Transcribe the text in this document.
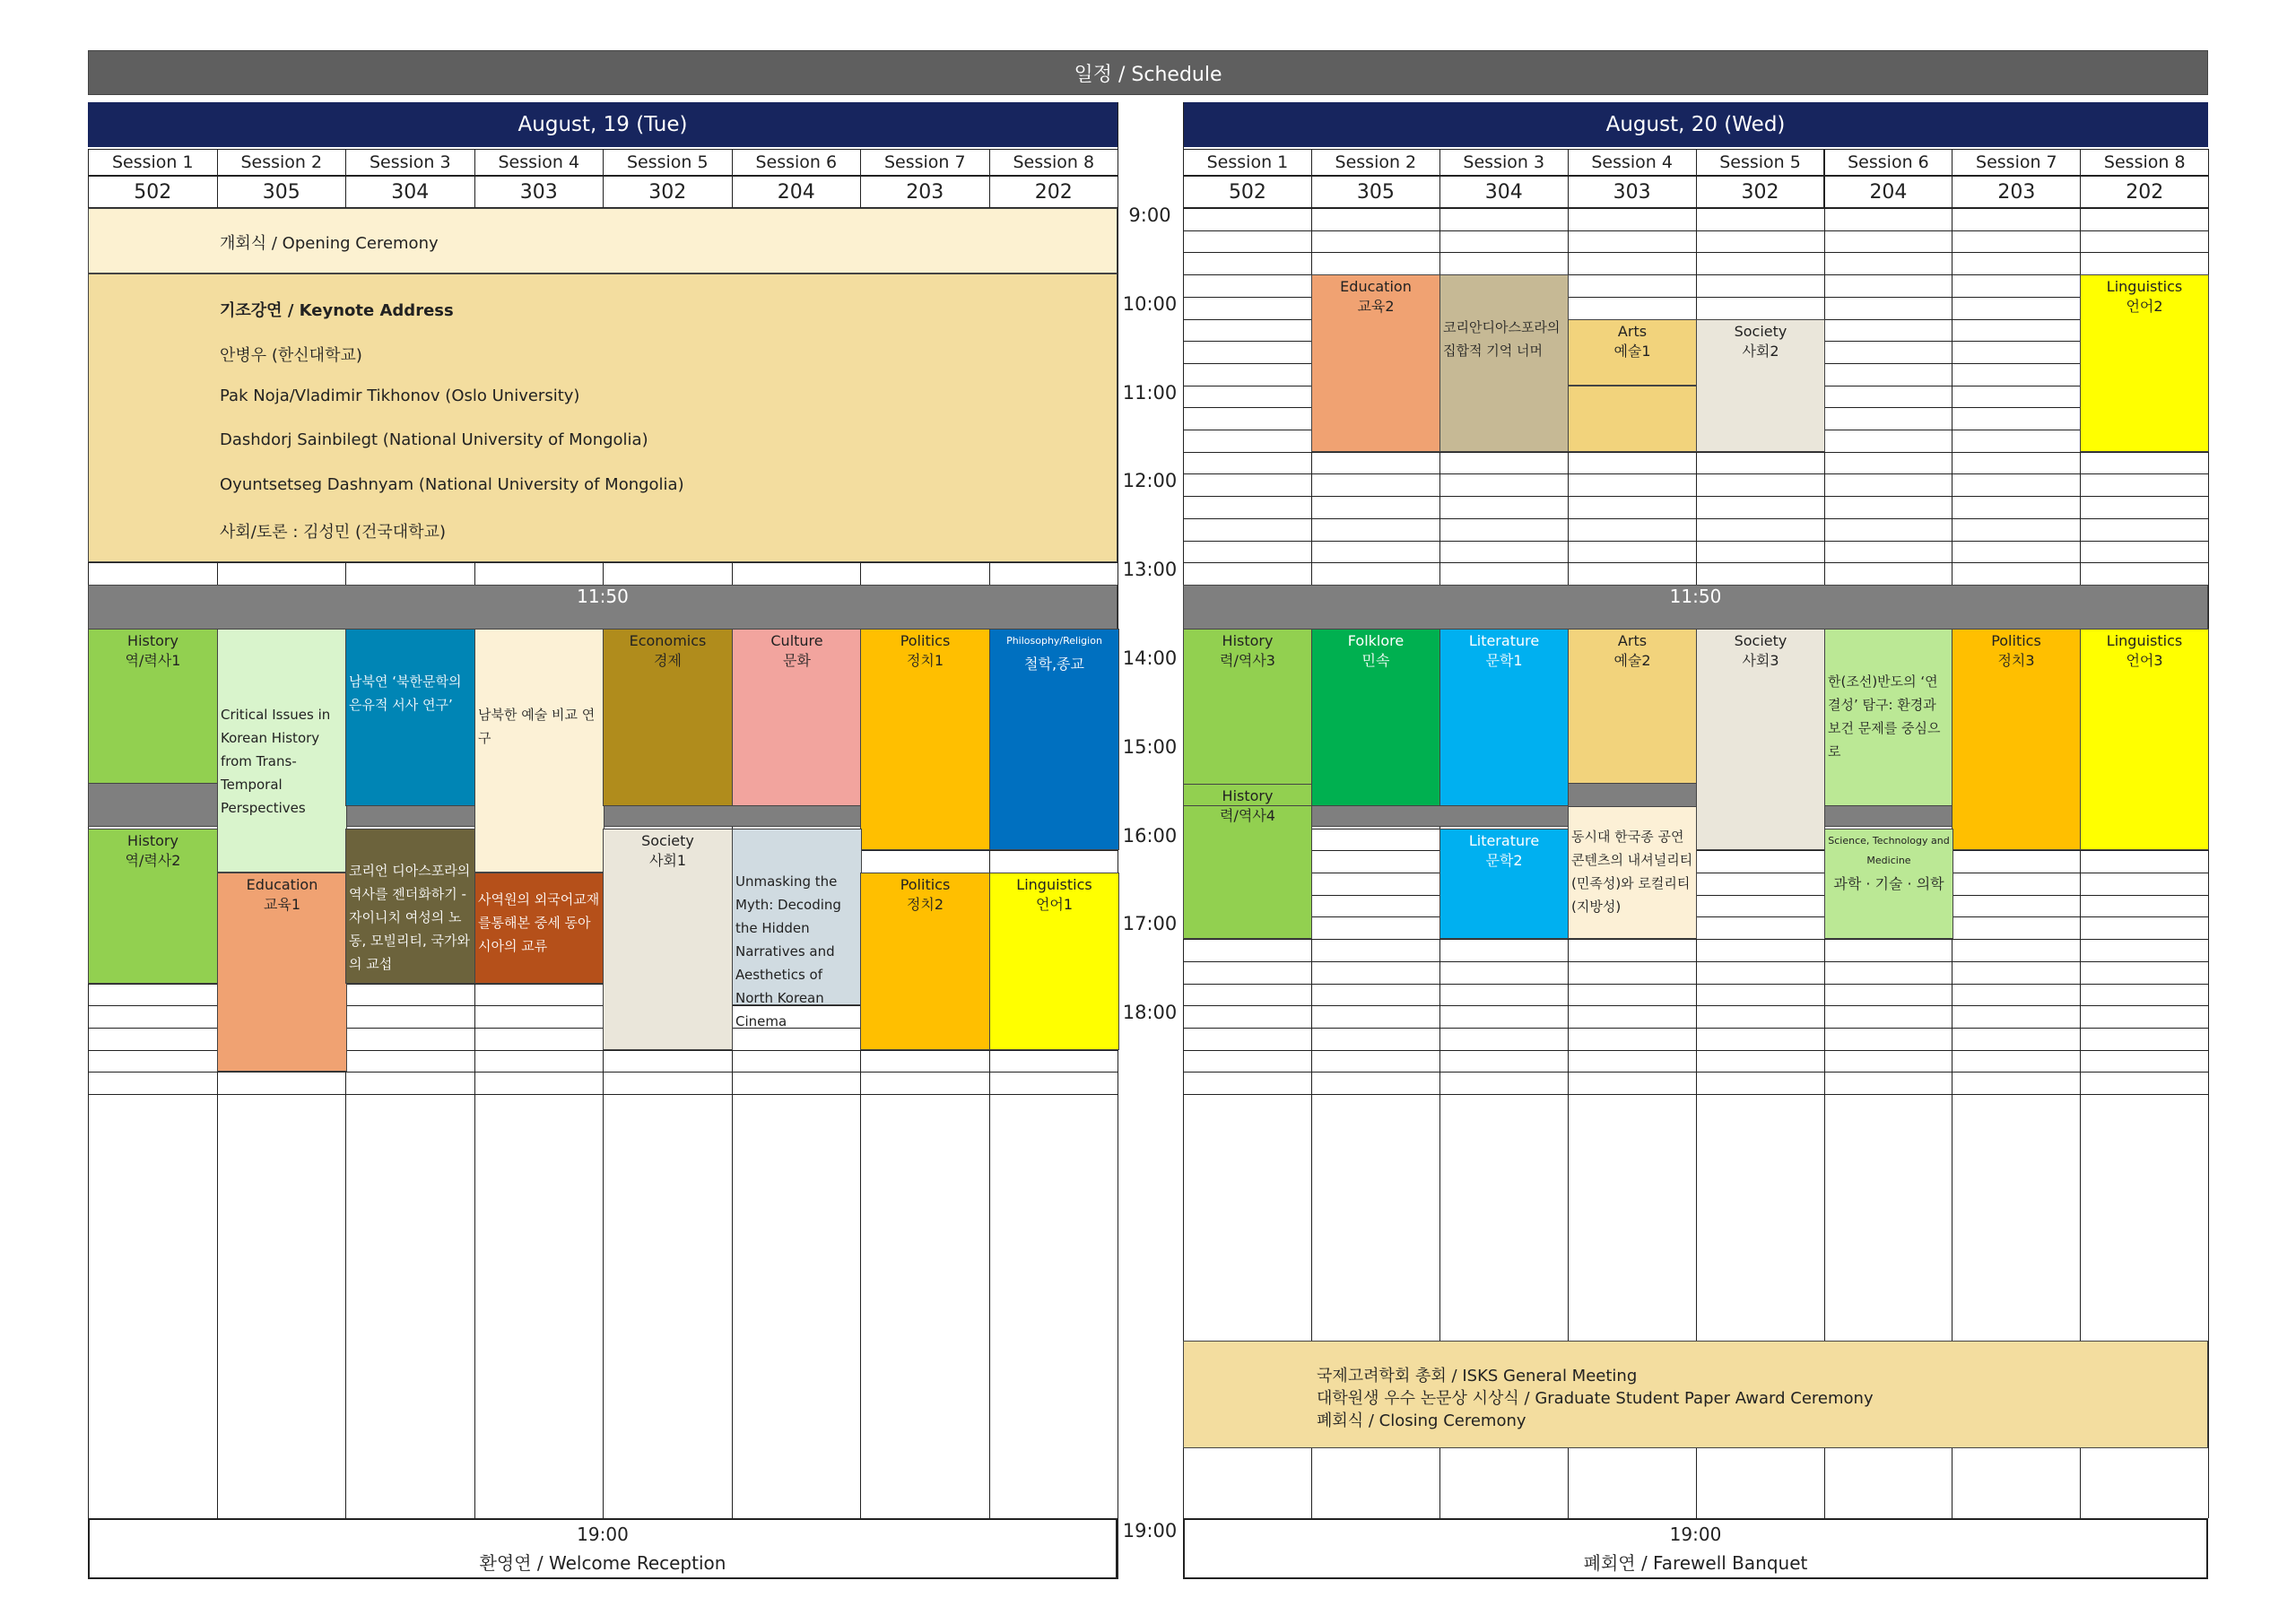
일정 / Schedule
August, 19 (Tue)	August, 20 (Wed)
Session 1
502
Session 2
305
Session 3
304
Session 4
303
Session 5
302
Session 6
204
Session 7
203
Session 8
202
Session 1
502
Session 2
305
Session 3
304
Session 4
303
Session 5
302
Session 6
204
Session 7
203
Session 8
202
9:00
10:00
11:00
12:00
13:00
14:00
15:00
16:00
17:00
18:00
19:00
개회식 / Opening Ceremony
기조강연 / Keynote Address
안병우 (한신대학교)
Pak Noja/Vladimir Tikhonov (Oslo University)
Dashdorj Sainbilegt (National University of Mongolia)
Oyuntsetseg Dashnyam (National University of Mongolia)
사회/토론 : 김성민 (건국대학교)
11:50	11:50
Education
교육2
코리안디아스포라의 집합적 기억 너머
Arts
예술1
Society
사회2
Linguistics
언어2
History
역/력사1
Critical Issues in Korean History from Trans-Temporal Perspectives
남북연 ‘북한문학의 은유적 서사 연구’
남북한 예술 비교 연구
Economics
경제
Culture
문화
Politics
정치1
Philosophy/Religion
철학,종교
History
역/력사2
Education
교육1
코리언 디아스포라의 역사를 젠더화하기 - 자이니치 여성의 노동, 모빌리티, 국가와의 교섭
사역원의 외국어교재를통해본 중세 동아시아의 교류
Society
사회1
Unmasking the Myth: Decoding the Hidden Narratives and Aesthetics of North Korean Cinema
Politics
정치2
Linguistics
언어1
History
력/역사3
Folklore
민속
Literature
문학1
Arts
예술2
Society
사회3
한(조선)반도의 ‘연결성’ 탐구: 환경과 보건 문제를 중심으로
Politics
정치3
Linguistics
언어3
History
력/역사4
Literature
문학2
동시대 한국종 공연 콘텐츠의 내셔널리티(민족성)와 로컬리티(지방성)
Science, Technology and Medicine
과학 · 기술 · 의학
국제고려학회 총회 / ISKS General Meeting
대학원생 우수 논문상 시상식 / Graduate Student Paper Award Ceremony
폐회식 / Closing Ceremony
19:00
환영연 / Welcome Reception
19:00
폐회연 / Farewell Banquet
